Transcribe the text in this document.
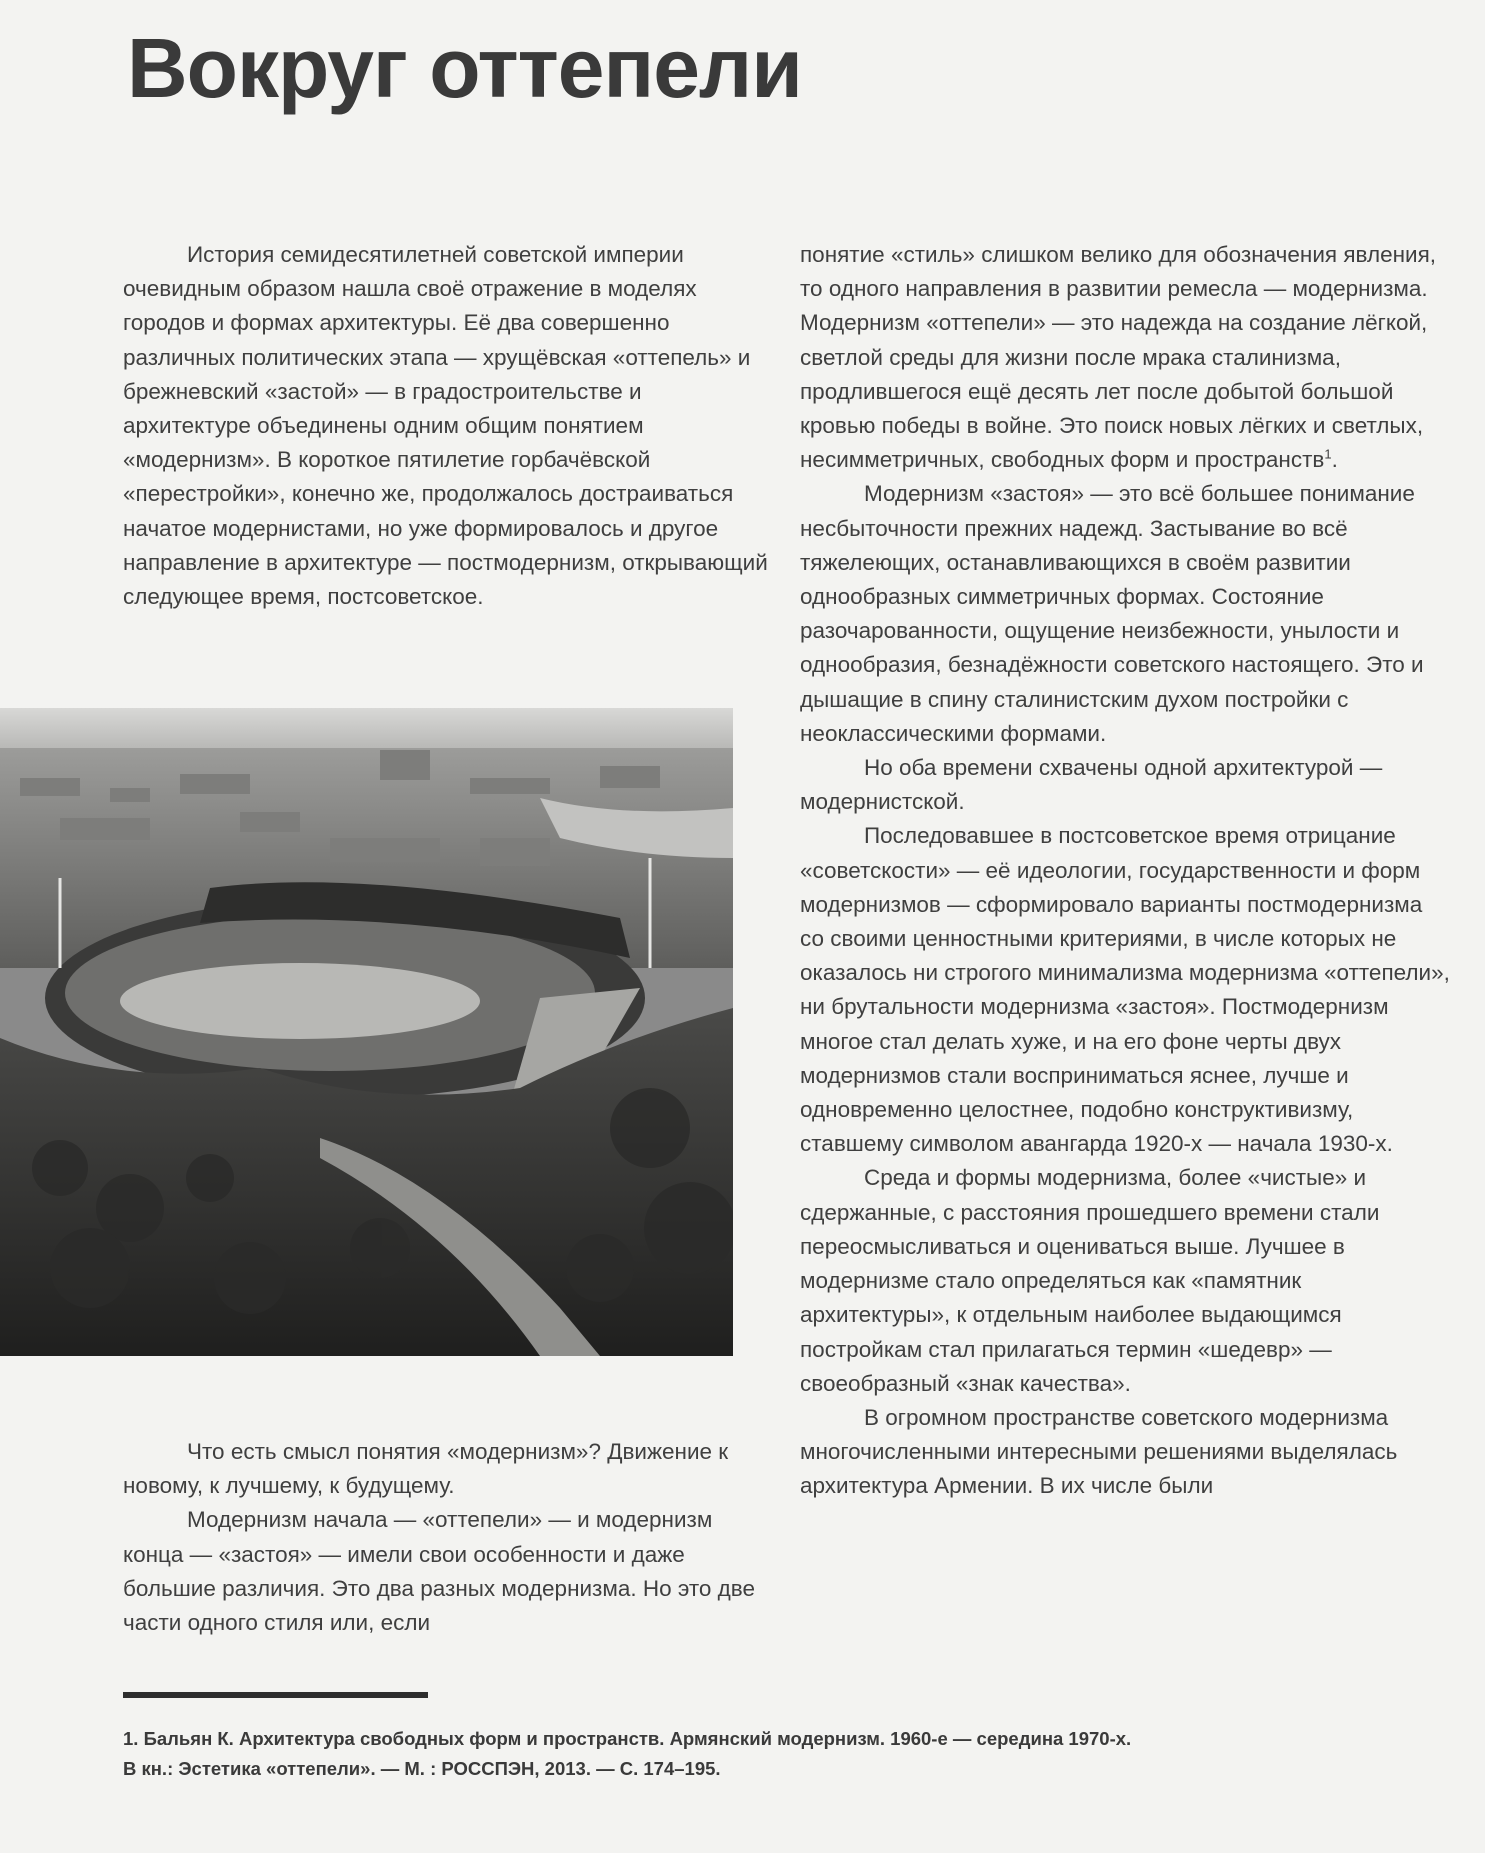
Вокруг оттепели

История семидесятилетней советской империи очевидным образом нашла своё отражение в моделях городов и формах архитектуры. Её два совершенно различных политических этапа — хрущёвская «оттепель» и брежневский «застой» — в градостроительстве и архитектуре объединены одним общим понятием «модернизм». В короткое пятилетие горбачёвской «перестройки», конечно же, продолжалось достраиваться начатое модернистами, но уже формировалось и другое направление в архитектуре — постмодернизм, открывающий следующее время, постсоветское.

Что есть смысл понятия «модернизм»? Движение к новому, к лучшему, к будущему.

Модернизм начала — «оттепели» — и модернизм конца — «застоя» — имели свои особенности и даже большие различия. Это два разных модернизма. Но это две части одного стиля или, если

понятие «стиль» слишком велико для обозначения явления, то одного направления в развитии ремесла — модернизма. Модернизм «оттепели» — это надежда на создание лёгкой, светлой среды для жизни после мрака сталинизма, продлившегося ещё десять лет после добытой большой кровью победы в войне. Это поиск новых лёгких и светлых, несимметричных, свободных форм и пространств$^1$.

Модернизм «застоя» — это всё большее понимание несбыточности прежних надежд. Застывание во всё тяжелеющих, останавливающихся в своём развитии однообразных симметричных формах. Состояние разочарованности, ощущение неизбежности, унылости и однообразия, безнадёжности советского настоящего. Это и дышащие в спину сталинистским духом постройки с неоклассическими формами.

Но оба времени схвачены одной архитектурой — модернистской.

Последовавшее в постсоветское время отрицание «советскости» — её идеологии, государственности и форм модернизмов — сформировало варианты постмодернизма со своими ценностными критериями, в числе которых не оказалось ни строгого минимализма модернизма «оттепели», ни брутальности модернизма «застоя». Постмодернизм многое стал делать хуже, и на его фоне черты двух модернизмов стали восприниматься яснее, лучше и одновременно целостнее, подобно конструктивизму, ставшему символом авангарда 1920-х — начала 1930-х.

Среда и формы модернизма, более «чистые» и сдержанные, с расстояния прошедшего времени стали переосмысливаться и оцениваться выше. Лучшее в модернизме стало определяться как «памятник архитектуры», к отдельным наиболее выдающимся постройкам стал прилагаться термин «шедевр» — своеобразный «знак качества».

В огромном пространстве советского модернизма многочисленными интересными решениями выделялась архитектура Армении. В их числе были

1. Бальян К. Архитектура свободных форм и пространств. Армянский модернизм. 1960-е — середина 1970-х.

В кн.: Эстетика «оттепели». — М. : РОССПЭН, 2013. — С. 174–195.
